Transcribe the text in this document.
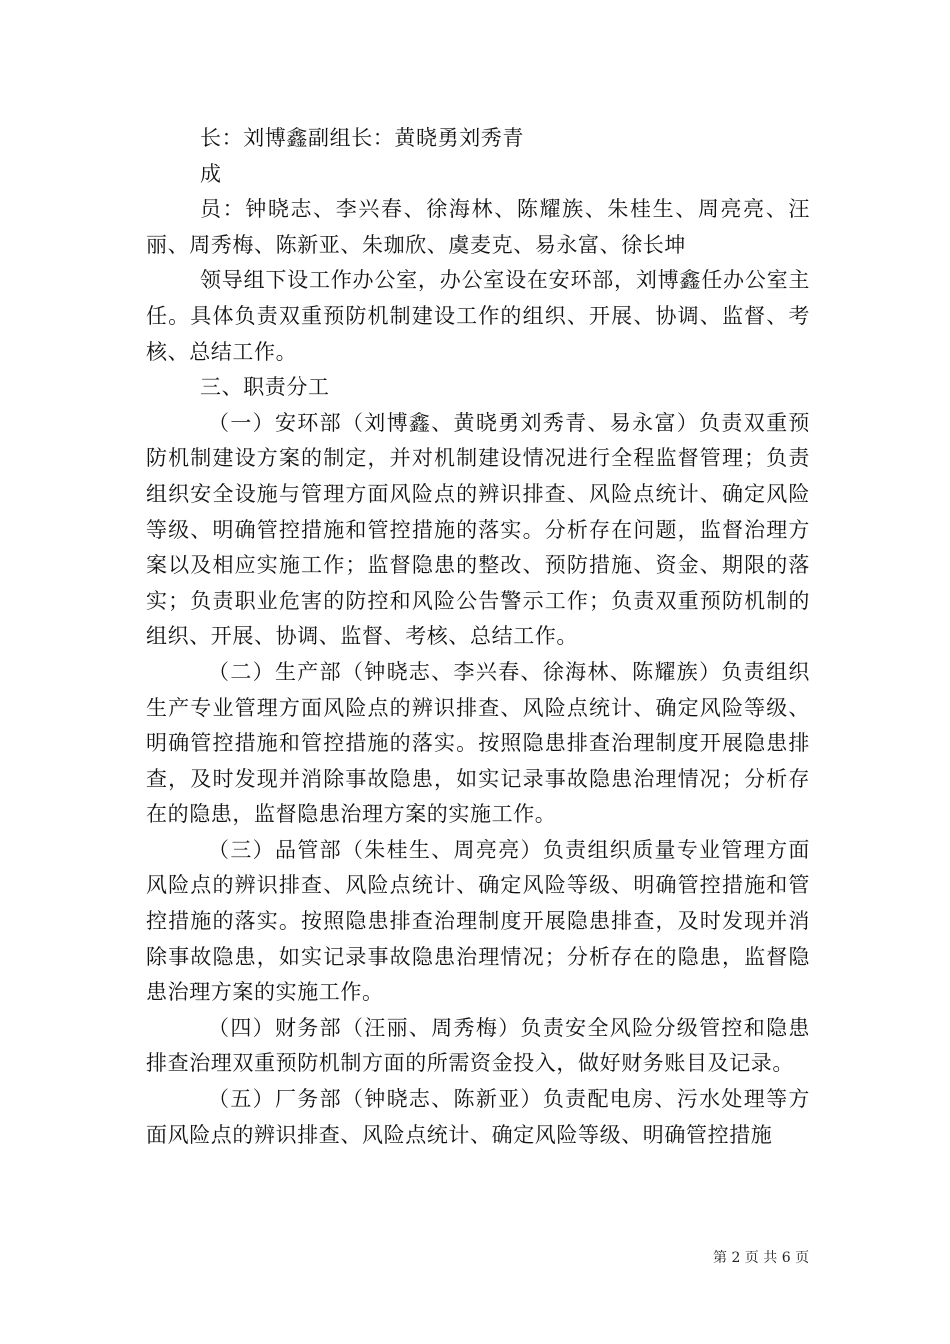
长：刘博鑫副组长：黄晓勇刘秀青

成

员：钟晓志、李兴春、徐海林、陈耀族、朱桂生、周亮亮、汪丽、周秀梅、陈新亚、朱珈欣、虞麦克、易永富、徐长坤

领导组下设工作办公室，办公室设在安环部，刘博鑫任办公室主任。具体负责双重预防机制建设工作的组织、开展、协调、监督、考核、总结工作。

三、职责分工

（一）安环部（刘博鑫、黄晓勇刘秀青、易永富）负责双重预防机制建设方案的制定，并对机制建设情况进行全程监督管理；负责组织安全设施与管理方面风险点的辨识排查、风险点统计、确定风险等级、明确管控措施和管控措施的落实。分析存在问题，监督治理方案以及相应实施工作；监督隐患的整改、预防措施、资金、期限的落实；负责职业危害的防控和风险公告警示工作；负责双重预防机制的组织、开展、协调、监督、考核、总结工作。

（二）生产部（钟晓志、李兴春、徐海林、陈耀族）负责组织生产专业管理方面风险点的辨识排查、风险点统计、确定风险等级、明确管控措施和管控措施的落实。按照隐患排查治理制度开展隐患排查，及时发现并消除事故隐患，如实记录事故隐患治理情况；分析存在的隐患，监督隐患治理方案的实施工作。

（三）品管部（朱桂生、周亮亮）负责组织质量专业管理方面风险点的辨识排查、风险点统计、确定风险等级、明确管控措施和管控措施的落实。按照隐患排查治理制度开展隐患排查，及时发现并消除事故隐患，如实记录事故隐患治理情况；分析存在的隐患，监督隐患治理方案的实施工作。

（四）财务部（汪丽、周秀梅）负责安全风险分级管控和隐患排查治理双重预防机制方面的所需资金投入，做好财务账目及记录。

（五）厂务部（钟晓志、陈新亚）负责配电房、污水处理等方面风险点的辨识排查、风险点统计、确定风险等级、明确管控措施

第 2 页 共 6 页
